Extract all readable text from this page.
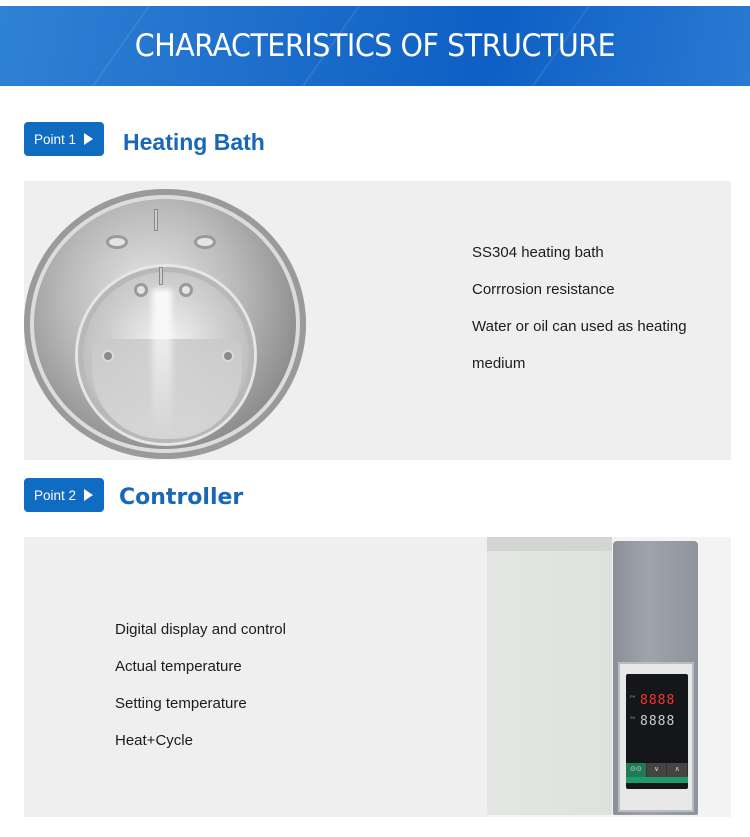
CHARACTERISTICS OF STRUCTURE
Point 1 Heating Bath
SS304 heating bath
Corrrosion resistance
Water or oil can used as heating
medium
Point 2 Controller
Digital display and control
Actual temperature
Setting temperature
Heat+Cycle
PV 8888
SV 8888
⊙⊙	∨	∧
